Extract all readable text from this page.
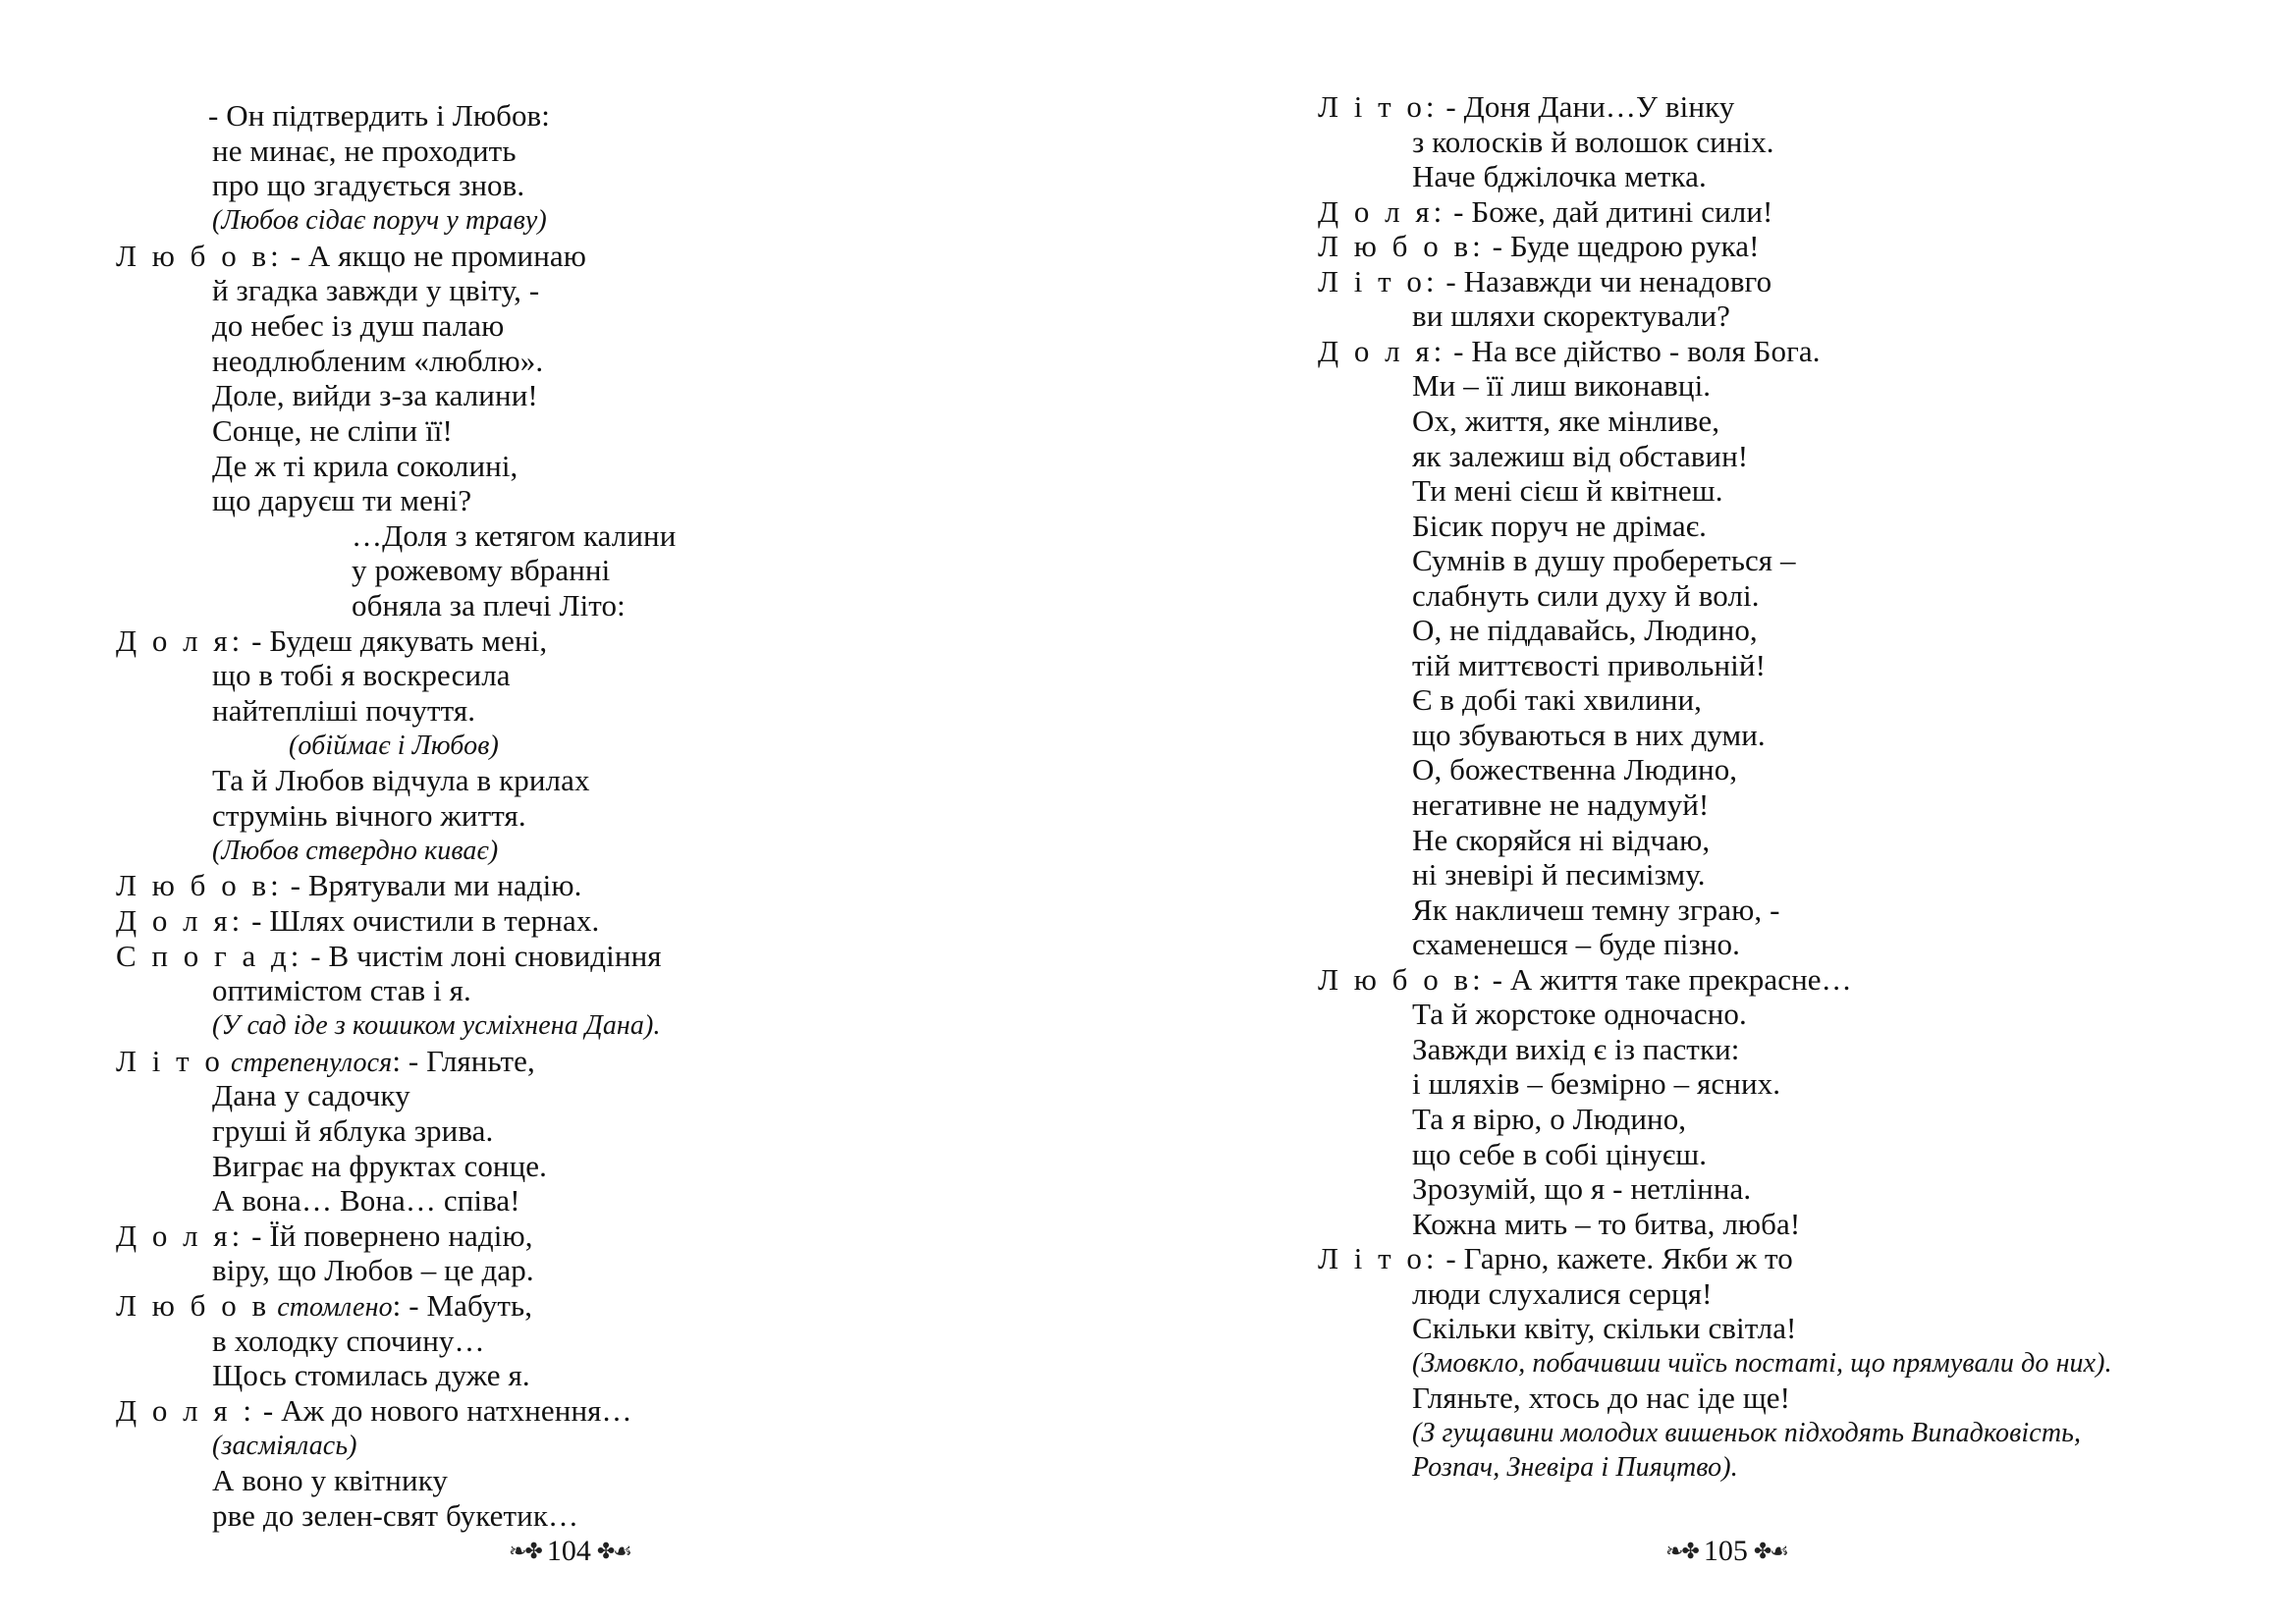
- Он підтвердить і Любов:
не минає, не проходить
про що згадується знов.
(Любов сідає поруч у траву)
Л ю б о в: - А якщо не проминаю
й згадка завжди у цвіту, -
до небес із душ палаю
неодлюбленим «люблю».
Доле, вийди з-за калини!
Сонце, не сліпи її!
Де ж ті крила соколині,
що даруєш ти мені?
…Доля з кетягом калини
у рожевому вбранні
обняла за плечі Літо:
Д о л я: - Будеш дякувать мені,
що в тобі я воскресила
найтепліші почуття.
(обіймає і Любов)
Та й Любов відчула в крилах
струмінь вічного життя.
(Любов ствердно киває)
Л ю б о в: - Врятували ми надію.
Д о л я: - Шлях очистили в тернах.
С п о г а д: - В чистім лоні сновидіння
оптимістом став і я.
(У сад іде з кошиком усміхнена Дана).
Л і т о стрепенулося: - Гляньте,
Дана у садочку
груші й яблука зрива.
Виграє на фруктах сонце.
А вона… Вона… співа!
Д о л я: - Їй повернено надію,
віру, що Любов – це дар.
Л ю б о в стомлено: - Мабуть,
в холодку спочину…
Щось стомилась дуже я.
Д о л я : - Аж до нового натхнення…
(засміялась)
А воно у квітнику
рве до зелен-свят букетик…
❧✤ 104 ✤☙
Л і т о: - Доня Дани…У вінку
з колосків й волошок синіх.
Наче бджілочка метка.
Д о л я: - Боже, дай дитині сили!
Л ю б о в: - Буде щедрою рука!
Л і т о: - Назавжди чи ненадовго
ви шляхи скоректували?
Д о л я: - На все дійство - воля Бога.
Ми – її лиш виконавці.
Ох, життя, яке мінливе,
як залежиш від обставин!
Ти мені сієш й квітнеш.
Бісик поруч не дрімає.
Сумнів в душу пробереться –
слабнуть сили духу й волі.
О, не піддавайсь, Людино,
тій миттєвості привольній!
Є в добі такі хвилини,
що збуваються в них думи.
О, божественна Людино,
негативне не надумуй!
Не скоряйся ні відчаю,
ні зневірі й песимізму.
Як накличеш темну зграю, -
схаменешся – буде пізно.
Л ю б о в: - А життя таке прекрасне…
Та й жорстоке одночасно.
Завжди вихід є із пастки:
і шляхів – безмірно – ясних.
Та я вірю, о Людино,
що себе в собі цінуєш.
Зрозумій, що я - нетлінна.
Кожна мить – то битва, люба!
Л і т о: - Гарно, кажете. Якби ж то
люди слухалися серця!
Скільки квіту, скільки світла!
(Змовкло, побачивши чиїсь постаті, що прямували до них).
Гляньте, хтось до нас іде ще!
(З гущавини молодих вишеньок підходять Випадковість,
Розпач, Зневіра і Пияцтво).
❧✤ 105 ✤☙
